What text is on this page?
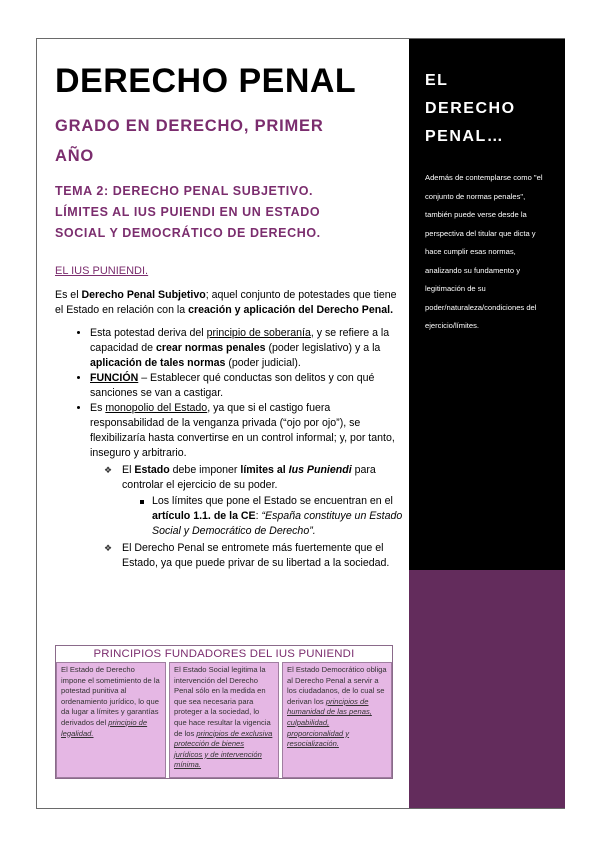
DERECHO PENAL
GRADO EN DERECHO, PRIMER
AÑO
TEMA 2: DERECHO PENAL SUBJETIVO.
LÍMITES AL IUS PUIENDI EN UN ESTADO
SOCIAL Y DEMOCRÁTICO DE DERECHO.
EL IUS PUNIENDI.

Es el Derecho Penal Subjetivo; aquel conjunto de potestades que tiene el Estado en relación con la creación y aplicación del Derecho Penal.

• Esta potestad deriva del principio de soberanía, y se refiere a la capacidad de crear normas penales (poder legislativo) y a la aplicación de tales normas (poder judicial).
• FUNCIÓN – Establecer qué conductas son delitos y con qué sanciones se van a castigar.
• Es monopolio del Estado, ya que si el castigo fuera responsabilidad de la venganza privada (“ojo por ojo”), se flexibilizaría hasta convertirse en un control informal; y, por tanto, inseguro y arbitrario.
❖ El Estado debe imponer límites al Ius Puniendi para controlar el ejercicio de su poder.
Los límites que pone el Estado se encuentran en el artículo 1.1. de la CE: “España constituye un Estado Social y Democrático de Derecho”.
❖ El Derecho Penal se entromete más fuertemente que el Estado, ya que puede privar de su libertad a la sociedad.
EL
DERECHO
PENAL…
Además de contemplarse como "el conjunto de normas penales", también puede verse desde la perspectiva del titular que dicta y hace cumplir esas normas, analizando su fundamento y legitimación de su poder/naturaleza/condiciones del ejercicio/límites.
PRINCIPIOS FUNDADORES DEL IUS PUNIENDI
El Estado de Derecho impone el sometimiento de la potestad punitiva al ordenamiento jurídico, lo que da lugar a límites y garantías derivados del principio de legalidad.
El Estado Social legitima la intervención del Derecho Penal sólo en la medida en que sea necesaria para proteger a la sociedad, lo que hace resultar la vigencia de los principios de exclusiva protección de bienes jurídicos y de intervención mínima.
El Estado Democrático obliga al Derecho Penal a servir a los ciudadanos, de lo cual se derivan los principios de humanidad de las penas, culpabilidad, proporcionalidad y resocialización.
